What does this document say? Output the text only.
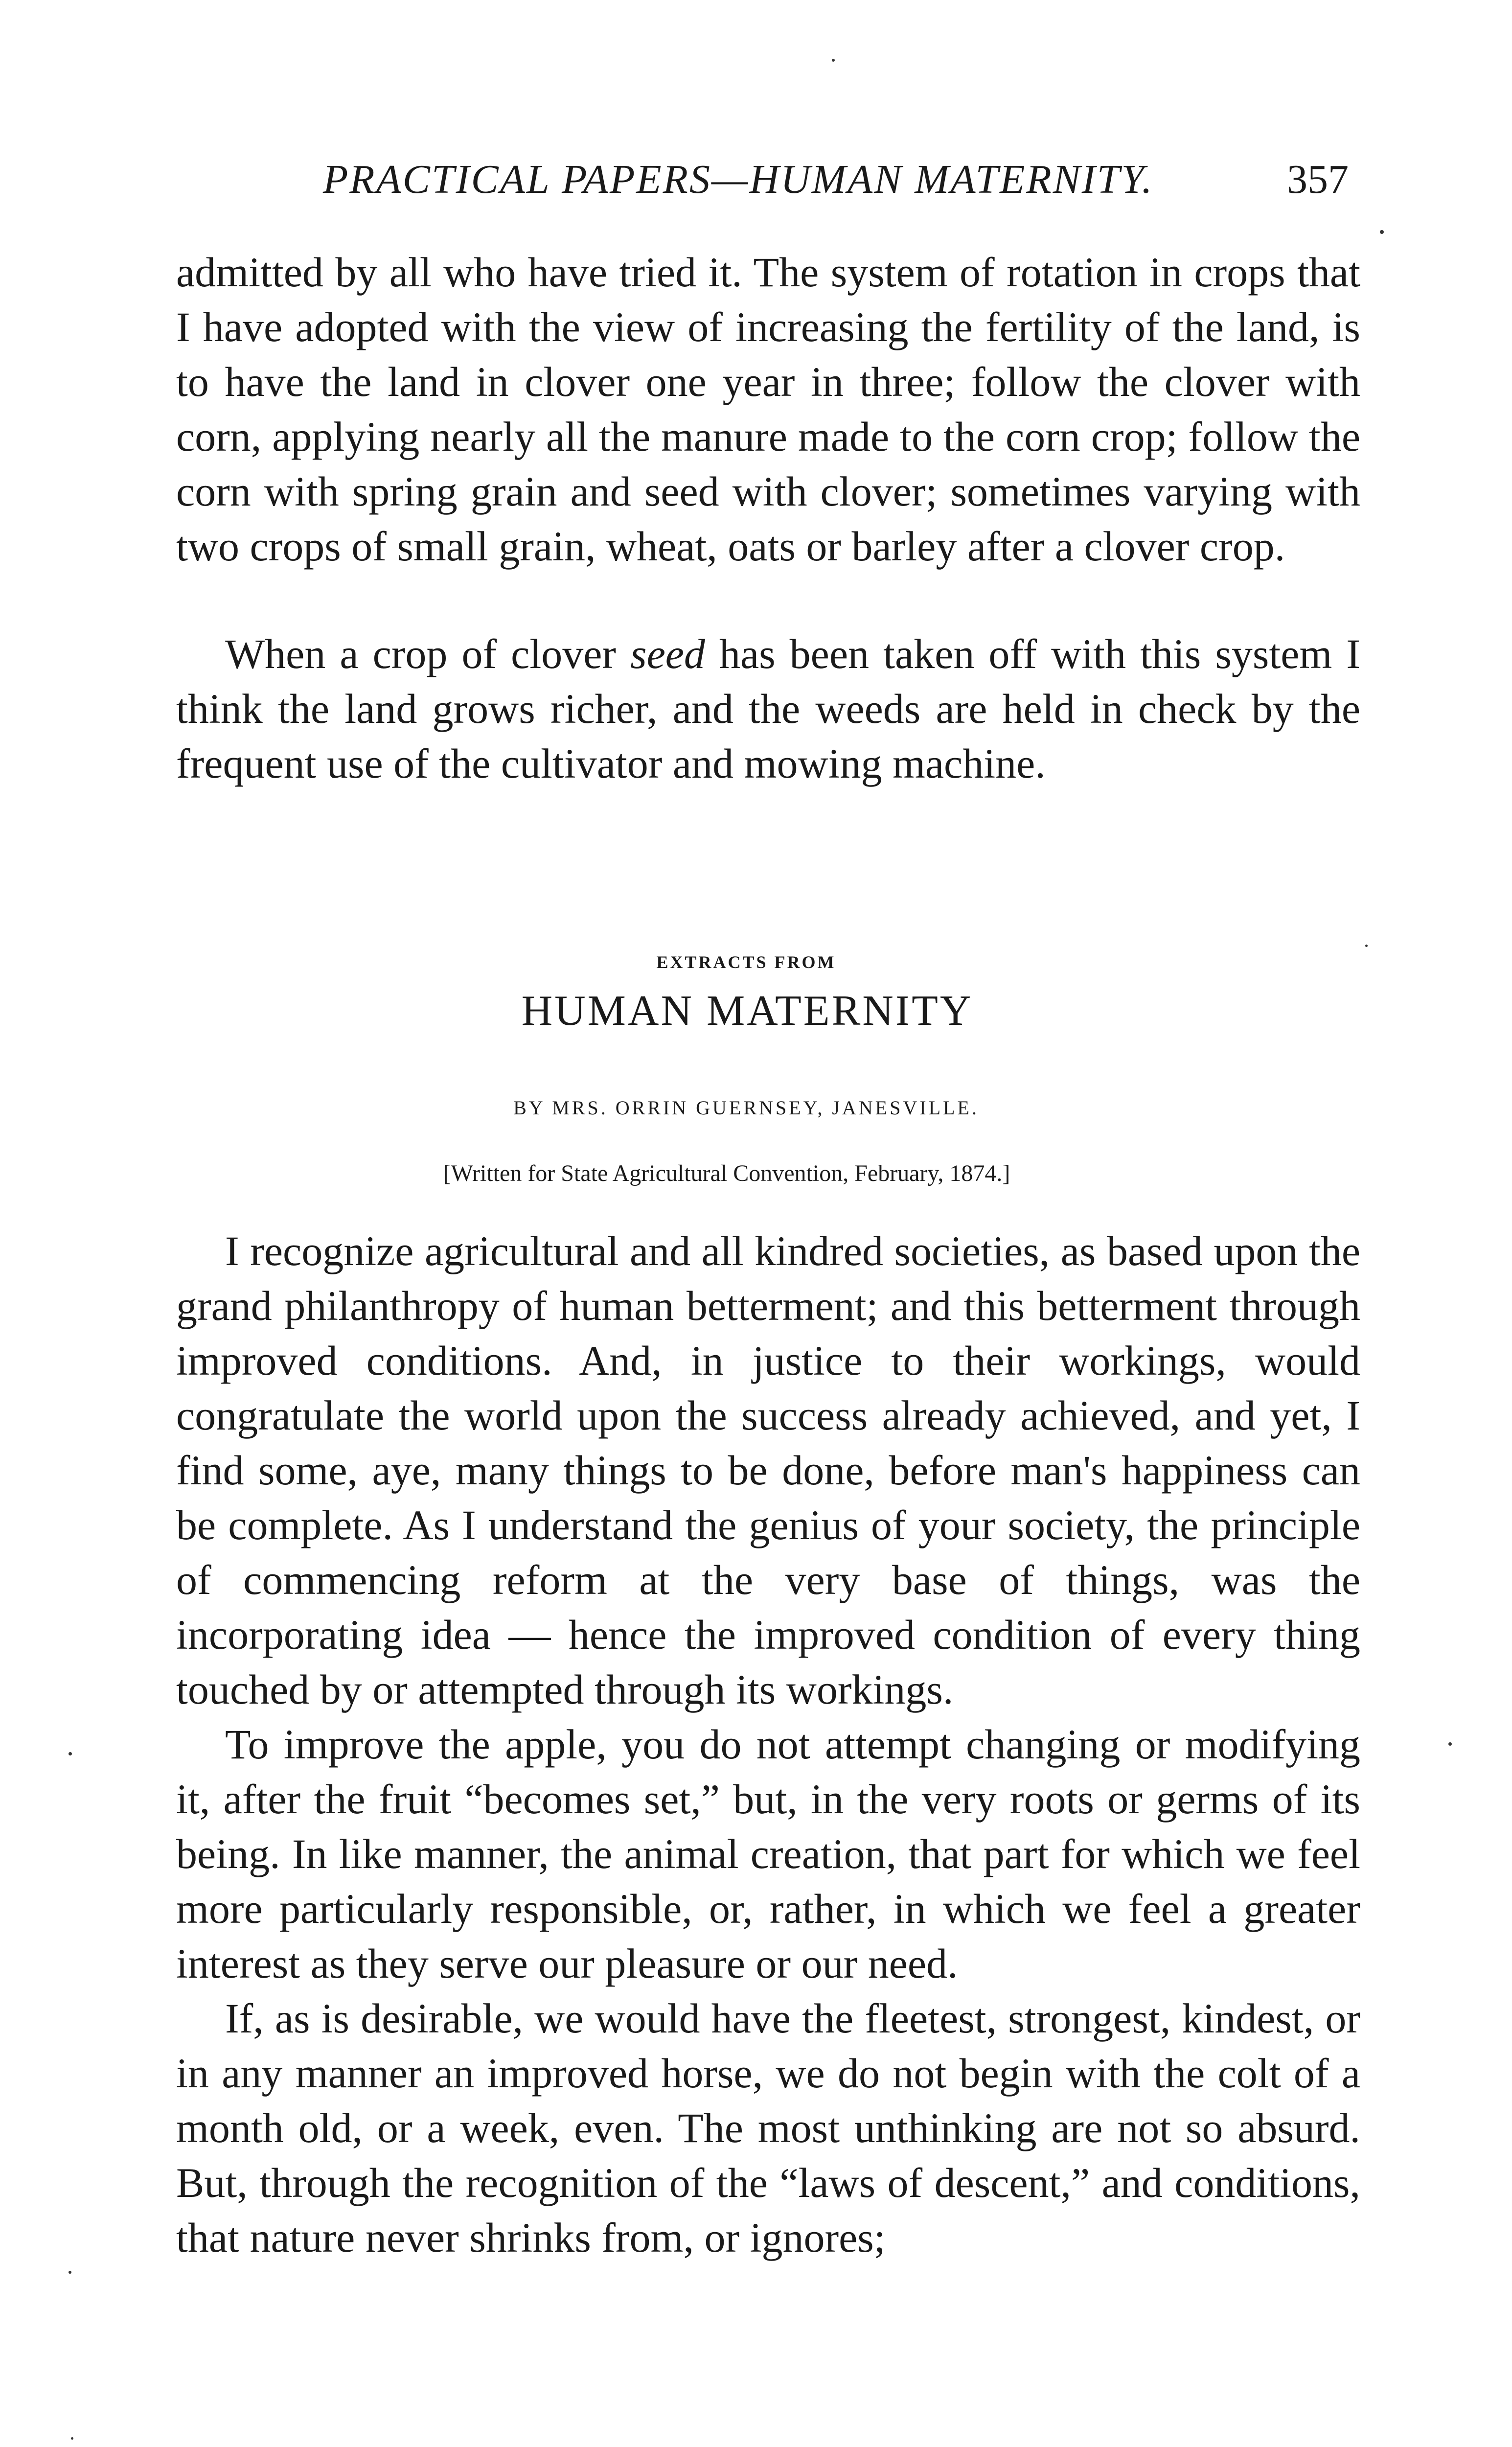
PRACTICAL PAPERS—HUMAN MATERNITY.	357

admitted by all who have tried it. The system of rotation in crops that I have adopted with the view of increasing the fertility of the land, is to have the land in clover one year in three; follow the clover with corn, applying nearly all the manure made to the corn crop; follow the corn with spring grain and seed with clover; sometimes varying with two crops of small grain, wheat, oats or barley after a clover crop.

When a crop of clover seed has been taken off with this system I think the land grows richer, and the weeds are held in check by the frequent use of the cultivator and mowing machine.

EXTRACTS FROM
HUMAN MATERNITY
BY MRS. ORRIN GUERNSEY, JANESVILLE.
[Written for State Agricultural Convention, February, 1874.]

I recognize agricultural and all kindred societies, as based upon the grand philanthropy of human betterment; and this betterment through improved conditions. And, in justice to their workings, would congratulate the world upon the success already achieved, and yet, I find some, aye, many things to be done, before man's happiness can be complete. As I understand the genius of your society, the principle of commencing reform at the very base of things, was the incorporating idea — hence the improved condition of every thing touched by or attempted through its workings.

To improve the apple, you do not attempt changing or modifying it, after the fruit “becomes set,” but, in the very roots or germs of its being. In like manner, the animal creation, that part for which we feel more particularly responsible, or, rather, in which we feel a greater interest as they serve our pleasure or our need.

If, as is desirable, we would have the fleetest, strongest, kindest, or in any manner an improved horse, we do not begin with the colt of a month old, or a week, even. The most unthinking are not so absurd. But, through the recognition of the “laws of descent,” and conditions, that nature never shrinks from, or ignores;
